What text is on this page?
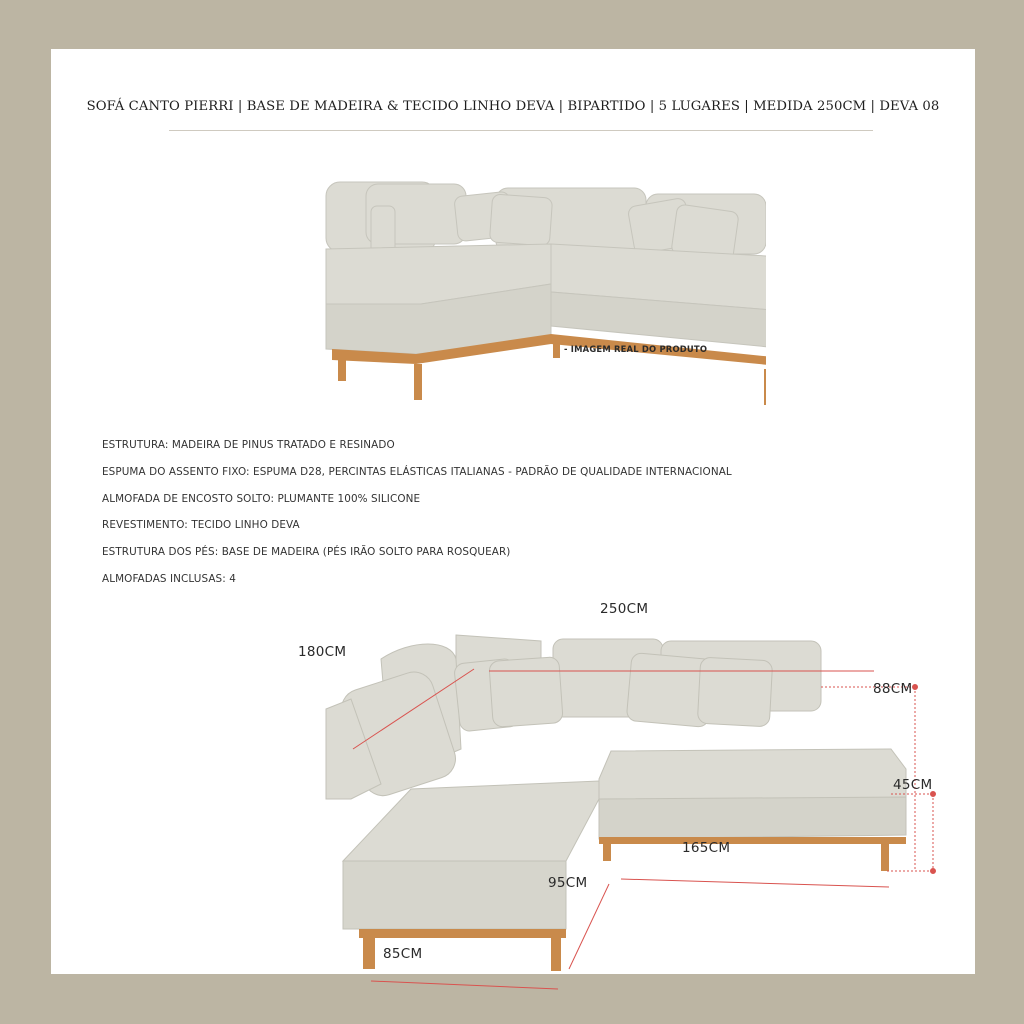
SOFÁ CANTO PIERRI | BASE DE MADEIRA & TECIDO LINHO DEVA | BIPARTIDO | 5 LUGARES | MEDIDA 250CM | DEVA 08
- IMAGEM REAL DO PRODUTO
ESTRUTURA: MADEIRA DE PINUS TRATADO E RESINADO
ESPUMA DO ASSENTO FIXO: ESPUMA D28, PERCINTAS ELÁSTICAS ITALIANAS - PADRÃO DE QUALIDADE INTERNACIONAL
ALMOFADA DE ENCOSTO SOLTO: PLUMANTE 100% SILICONE
REVESTIMENTO: TECIDO LINHO DEVA
ESTRUTURA DOS PÉS: BASE DE MADEIRA (PÉS IRÃO SOLTO PARA ROSQUEAR)
ALMOFADAS INCLUSAS: 4
250CM
180CM
88CM
45CM
165CM
95CM
85CM
